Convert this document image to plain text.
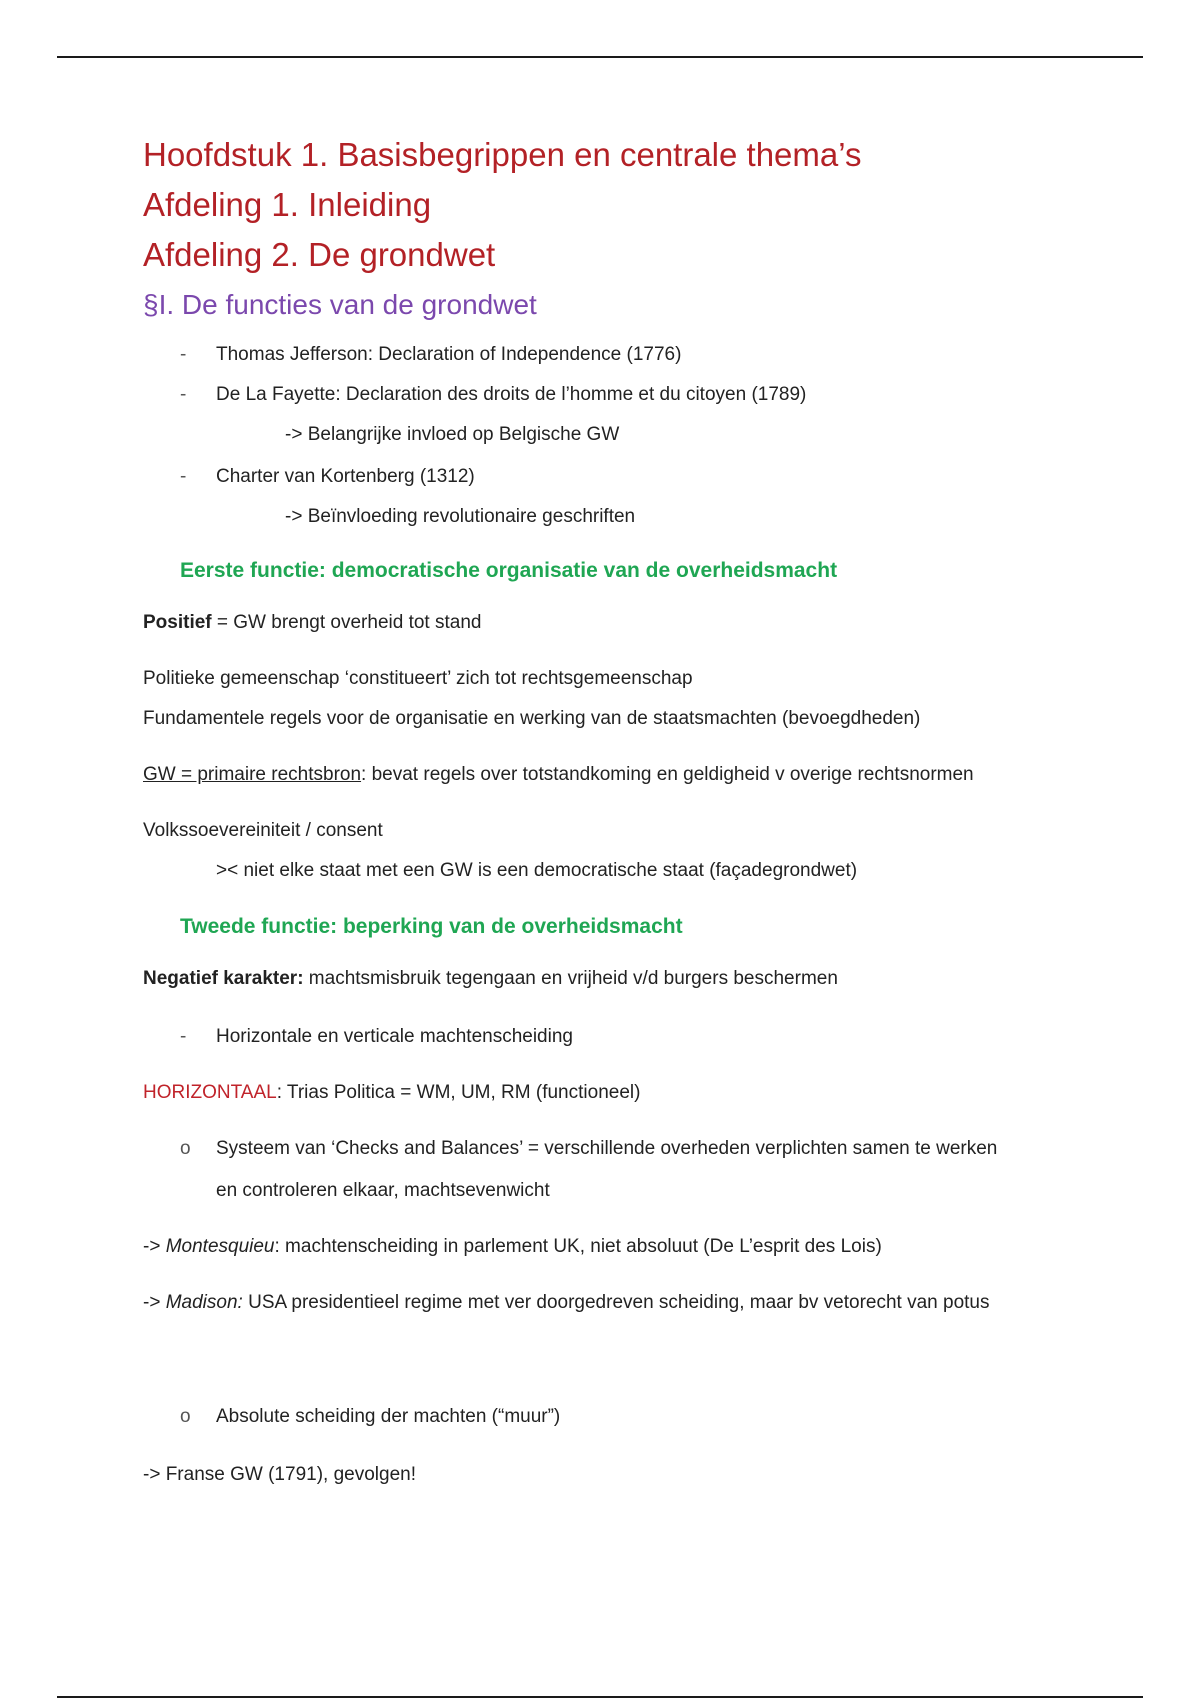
Hoofdstuk 1. Basisbegrippen en centrale thema’s
Afdeling 1. Inleiding
Afdeling 2. De grondwet
§I. De functies van de grondwet
- Thomas Jefferson: Declaration of Independence (1776)
- De La Fayette: Declaration des droits de l’homme et du citoyen (1789)
-> Belangrijke invloed op Belgische GW
- Charter van Kortenberg (1312)
-> Beïnvloeding revolutionaire geschriften
Eerste functie: democratische organisatie van de overheidsmacht
Positief = GW brengt overheid tot stand
Politieke gemeenschap ‘constitueert’ zich tot rechtsgemeenschap
Fundamentele regels voor de organisatie en werking van de staatsmachten (bevoegdheden)
GW = primaire rechtsbron: bevat regels over totstandkoming en geldigheid v overige rechtsnormen
Volkssoevereiniteit / consent
>< niet elke staat met een GW is een democratische staat (façadegrondwet)
Tweede functie: beperking van de overheidsmacht
Negatief karakter: machtsmisbruik tegengaan en vrijheid v/d burgers beschermen
- Horizontale en verticale machtenscheiding
HORIZONTAAL: Trias Politica = WM, UM, RM (functioneel)
o Systeem van ‘Checks and Balances’ = verschillende overheden verplichten samen te werken
en controleren elkaar, machtsevenwicht
-> Montesquieu: machtenscheiding in parlement UK, niet absoluut (De L’esprit des Lois)
-> Madison: USA presidentieel regime met ver doorgedreven scheiding, maar bv vetorecht van potus
o Absolute scheiding der machten (“muur”)
-> Franse GW (1791), gevolgen!
